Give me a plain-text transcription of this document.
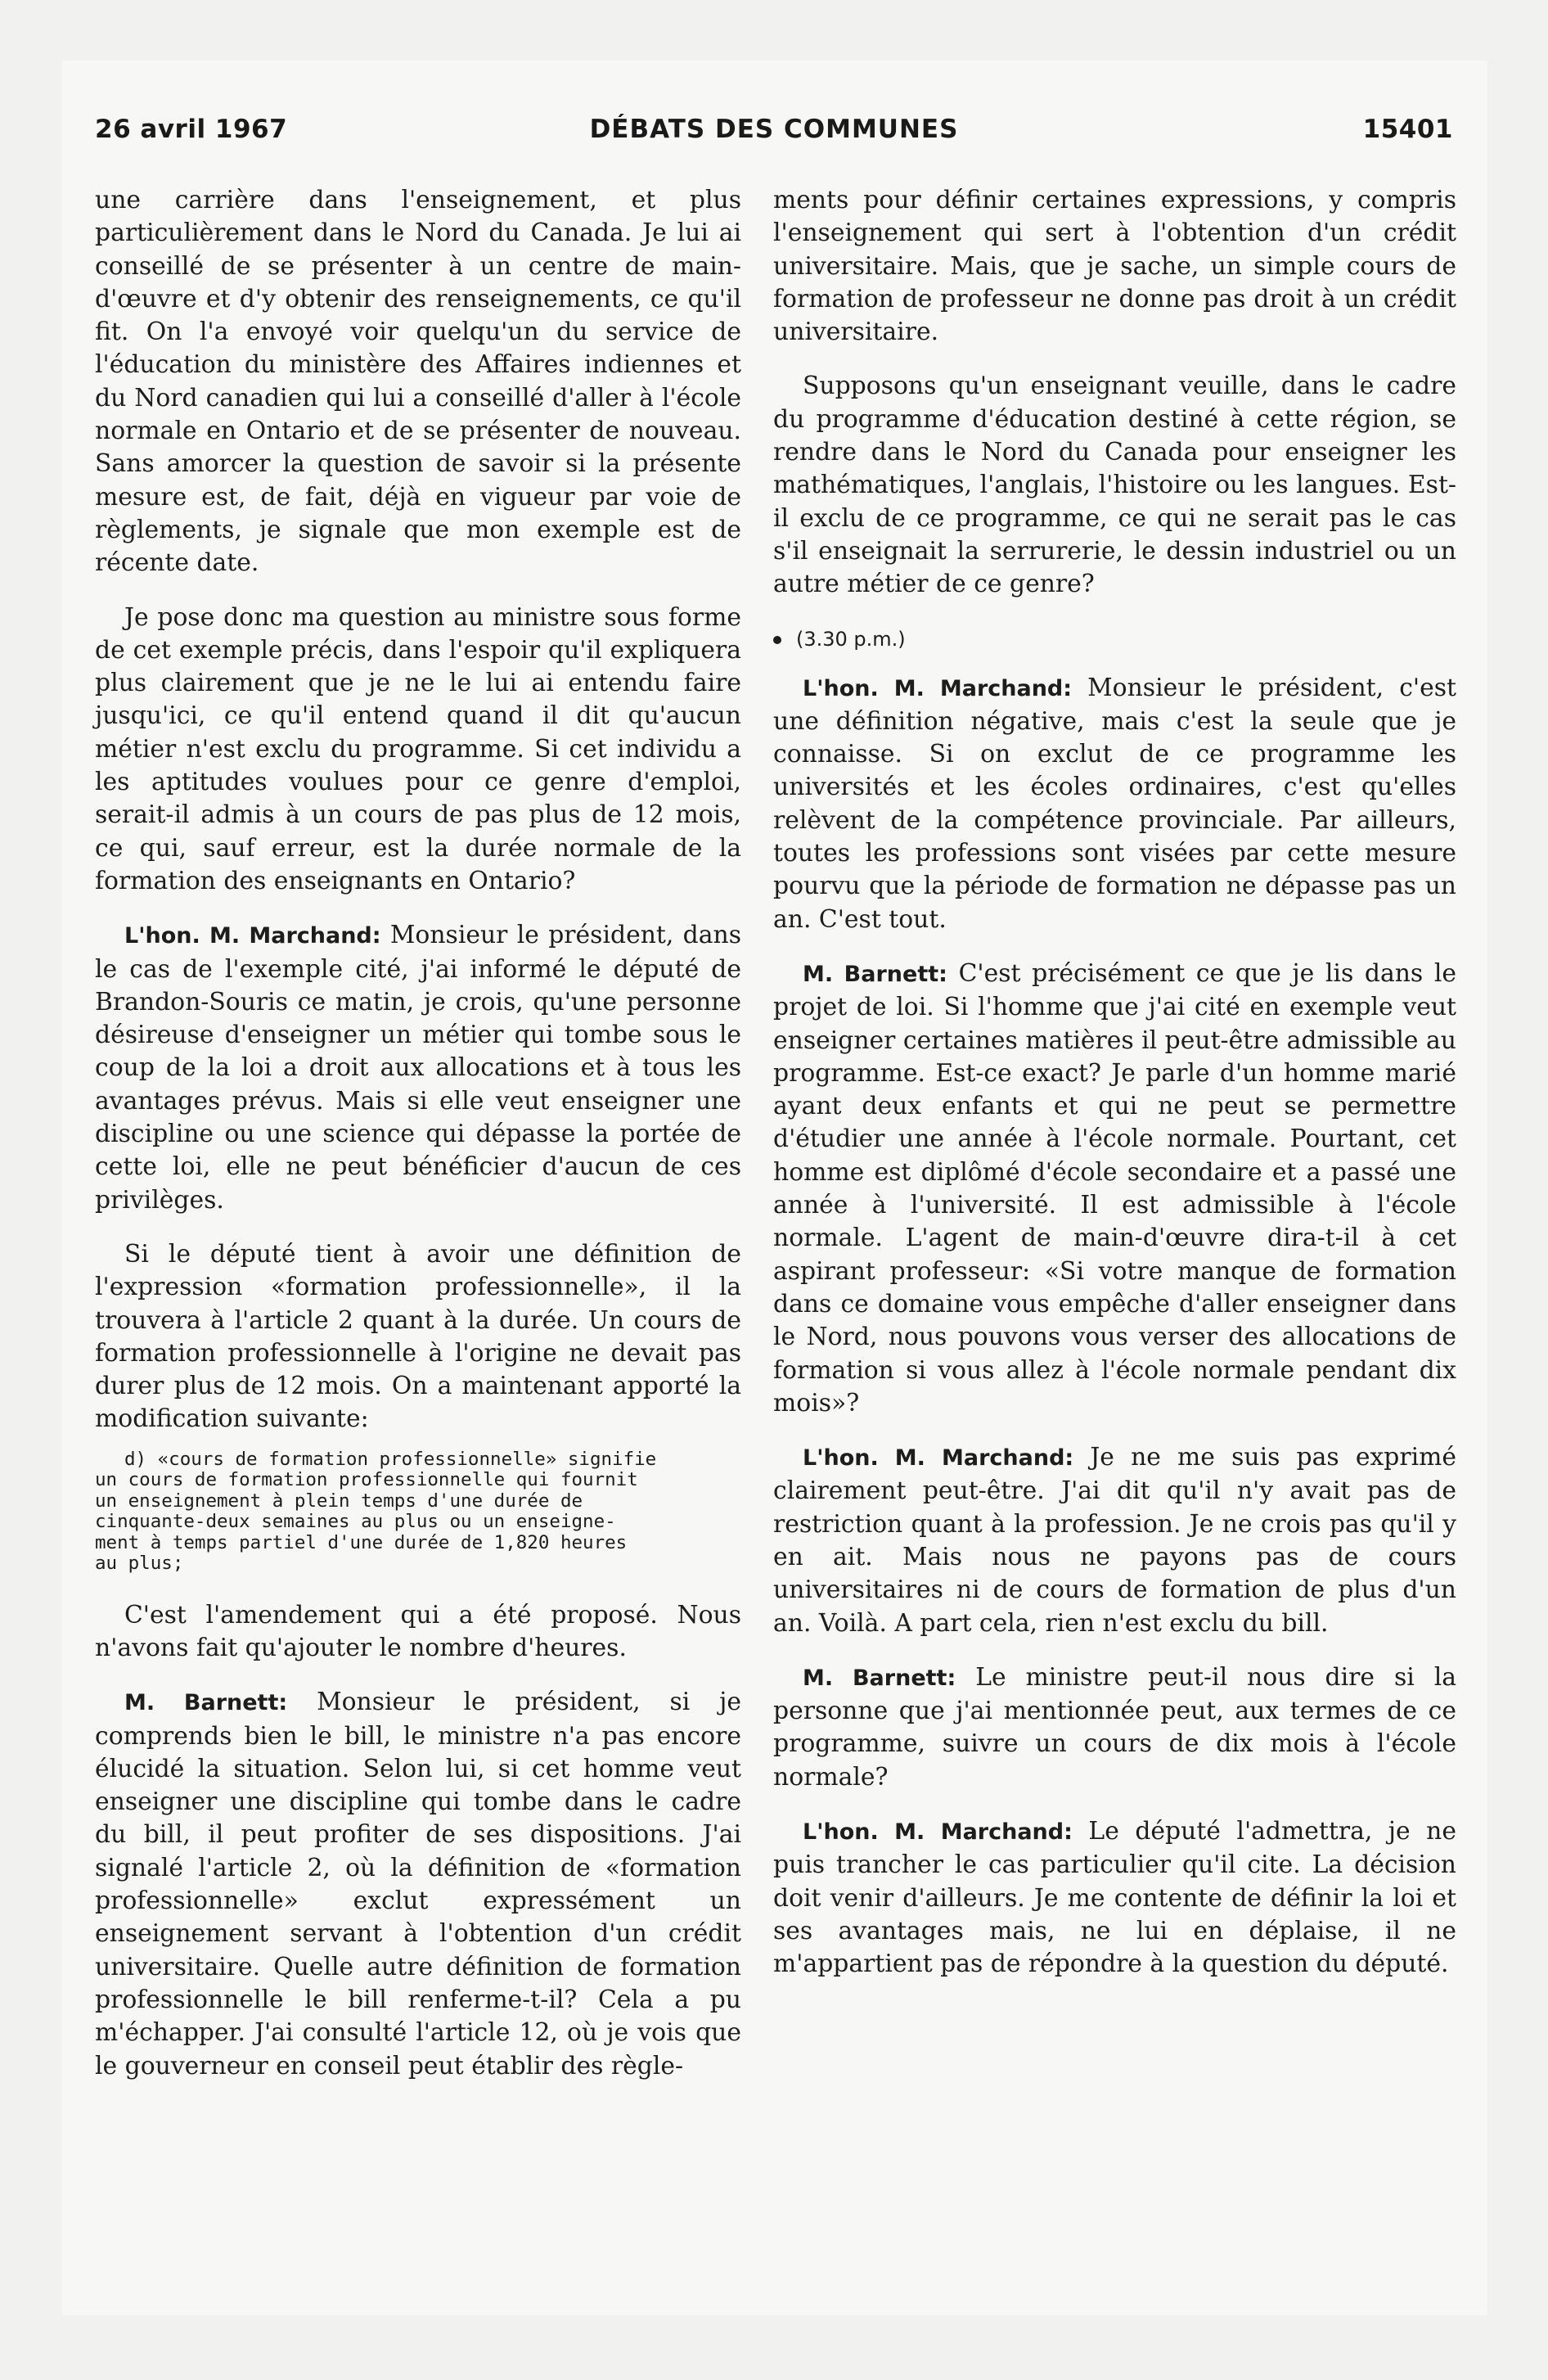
26 avril 1967	DÉBATS DES COMMUNES	15401

une carrière dans l'enseignement, et plus particulièrement dans le Nord du Canada. Je lui ai conseillé de se présenter à un centre de main-d'œuvre et d'y obtenir des renseignements, ce qu'il fit. On l'a envoyé voir quelqu'un du service de l'éducation du ministère des Affaires indiennes et du Nord canadien qui lui a conseillé d'aller à l'école normale en Ontario et de se présenter de nouveau. Sans amorcer la question de savoir si la présente mesure est, de fait, déjà en vigueur par voie de règlements, je signale que mon exemple est de récente date.

Je pose donc ma question au ministre sous forme de cet exemple précis, dans l'espoir qu'il expliquera plus clairement que je ne le lui ai entendu faire jusqu'ici, ce qu'il entend quand il dit qu'aucun métier n'est exclu du programme. Si cet individu a les aptitudes voulues pour ce genre d'emploi, serait-il admis à un cours de pas plus de 12 mois, ce qui, sauf erreur, est la durée normale de la formation des enseignants en Ontario?

L'hon. M. Marchand: Monsieur le président, dans le cas de l'exemple cité, j'ai informé le député de Brandon-Souris ce matin, je crois, qu'une personne désireuse d'enseigner un métier qui tombe sous le coup de la loi a droit aux allocations et à tous les avantages prévus. Mais si elle veut enseigner une discipline ou une science qui dépasse la portée de cette loi, elle ne peut bénéficier d'aucun de ces privilèges.

Si le député tient à avoir une définition de l'expression «formation professionnelle», il la trouvera à l'article 2 quant à la durée. Un cours de formation professionnelle à l'origine ne devait pas durer plus de 12 mois. On a maintenant apporté la modification suivante:

d) «cours de formation professionnelle» signifie
un cours de formation professionnelle qui fournit
un enseignement à plein temps d'une durée de
cinquante-deux semaines au plus ou un enseigne-
ment à temps partiel d'une durée de 1,820 heures
au plus;

C'est l'amendement qui a été proposé. Nous n'avons fait qu'ajouter le nombre d'heures.

M. Barnett: Monsieur le président, si je comprends bien le bill, le ministre n'a pas encore élucidé la situation. Selon lui, si cet homme veut enseigner une discipline qui tombe dans le cadre du bill, il peut profiter de ses dispositions. J'ai signalé l'article 2, où la définition de «formation professionnelle» exclut expressément un enseignement servant à l'obtention d'un crédit universitaire. Quelle autre définition de formation professionnelle le bill renferme-t-il? Cela a pu m'échapper. J'ai consulté l'article 12, où je vois que le gouverneur en conseil peut établir des règle-

ments pour définir certaines expressions, y compris l'enseignement qui sert à l'obtention d'un crédit universitaire. Mais, que je sache, un simple cours de formation de professeur ne donne pas droit à un crédit universitaire.

Supposons qu'un enseignant veuille, dans le cadre du programme d'éducation destiné à cette région, se rendre dans le Nord du Canada pour enseigner les mathématiques, l'anglais, l'histoire ou les langues. Est-il exclu de ce programme, ce qui ne serait pas le cas s'il enseignait la serrurerie, le dessin industriel ou un autre métier de ce genre?

(3.30 p.m.)

L'hon. M. Marchand: Monsieur le président, c'est une définition négative, mais c'est la seule que je connaisse. Si on exclut de ce programme les universités et les écoles ordinaires, c'est qu'elles relèvent de la compétence provinciale. Par ailleurs, toutes les professions sont visées par cette mesure pourvu que la période de formation ne dépasse pas un an. C'est tout.

M. Barnett: C'est précisément ce que je lis dans le projet de loi. Si l'homme que j'ai cité en exemple veut enseigner certaines matières il peut-être admissible au programme. Est-ce exact? Je parle d'un homme marié ayant deux enfants et qui ne peut se permettre d'étudier une année à l'école normale. Pourtant, cet homme est diplômé d'école secondaire et a passé une année à l'université. Il est admissible à l'école normale. L'agent de main-d'œuvre dira-t-il à cet aspirant professeur: «Si votre manque de formation dans ce domaine vous empêche d'aller enseigner dans le Nord, nous pouvons vous verser des allocations de formation si vous allez à l'école normale pendant dix mois»?

L'hon. M. Marchand: Je ne me suis pas exprimé clairement peut-être. J'ai dit qu'il n'y avait pas de restriction quant à la profession. Je ne crois pas qu'il y en ait. Mais nous ne payons pas de cours universitaires ni de cours de formation de plus d'un an. Voilà. A part cela, rien n'est exclu du bill.

M. Barnett: Le ministre peut-il nous dire si la personne que j'ai mentionnée peut, aux termes de ce programme, suivre un cours de dix mois à l'école normale?

L'hon. M. Marchand: Le député l'admettra, je ne puis trancher le cas particulier qu'il cite. La décision doit venir d'ailleurs. Je me contente de définir la loi et ses avantages mais, ne lui en déplaise, il ne m'appartient pas de répondre à la question du député.
